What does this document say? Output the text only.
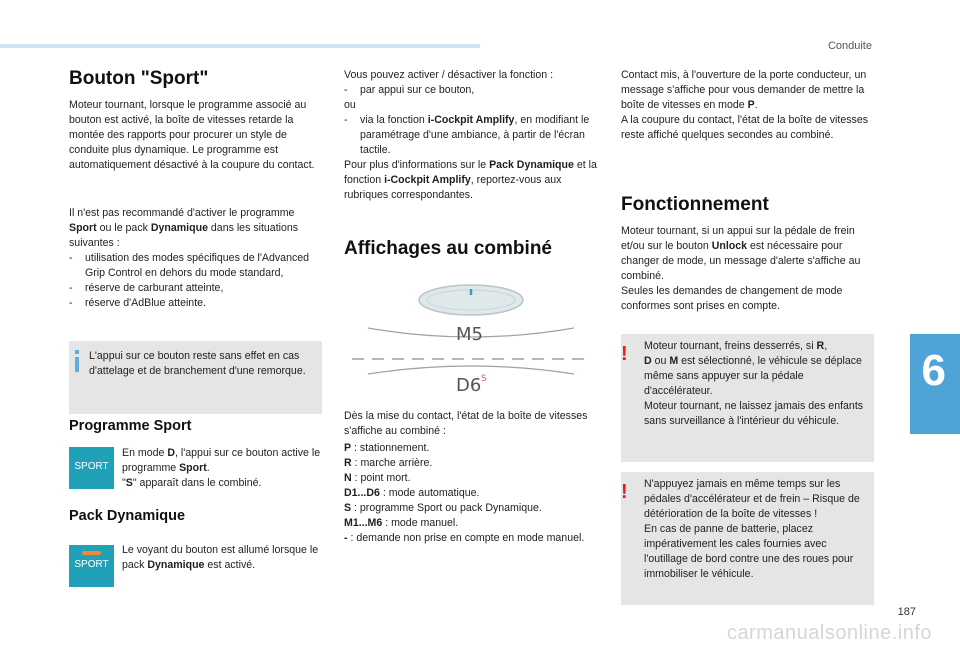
Conduite
6
Bouton "Sport"
Moteur tournant, lorsque le programme associé au bouton est activé, la boîte de vitesses retarde la montée des rapports pour procurer un style de conduite plus dynamique. Le programme est automatiquement désactivé à la coupure du contact.
Il n'est pas recommandé d'activer le programme Sport ou le pack Dynamique dans les situations suivantes :
- utilisation des modes spécifiques de l'Advanced Grip Control en dehors du mode standard,
- réserve de carburant atteinte,
- réserve d'AdBlue atteinte.
L'appui sur ce bouton reste sans effet en cas d'attelage et de branchement d'une remorque.
Programme Sport
SPORT
En mode D, l'appui sur ce bouton active le programme Sport.
"S" apparaît dans le combiné.
Pack Dynamique
SPORT
Le voyant du bouton est allumé lorsque le pack Dynamique est activé.
Vous pouvez activer / désactiver la fonction :
- par appui sur ce bouton,
ou
- via la fonction i-Cockpit Amplify, en modifiant le paramétrage d'une ambiance, à partir de l'écran tactile.
Pour plus d'informations sur le Pack Dynamique et la fonction i-Cockpit Amplify, reportez-vous aux rubriques correspondantes.
Affichages au combiné
M5
D6 S
Dès la mise du contact, l'état de la boîte de vitesses s'affiche au combiné :
P : stationnement.
R : marche arrière.
N : point mort.
D1...D6 : mode automatique.
S : programme Sport ou pack Dynamique.
M1...M6 : mode manuel.
- : demande non prise en compte en mode manuel.
Contact mis, à l'ouverture de la porte conducteur, un message s'affiche pour vous demander de mettre la boîte de vitesses en mode P.
A la coupure du contact, l'état de la boîte de vitesses reste affiché quelques secondes au combiné.
Fonctionnement
Moteur tournant, si un appui sur la pédale de frein et/ou sur le bouton Unlock est nécessaire pour changer de mode, un message d'alerte s'affiche au combiné.
Seules les demandes de changement de mode conformes sont prises en compte.
!	Moteur tournant, freins desserrés, si R,
D ou M est sélectionné, le véhicule se déplace même sans appuyer sur la pédale d'accélérateur.
Moteur tournant, ne laissez jamais des enfants sans surveillance à l'intérieur du véhicule.
!	N'appuyez jamais en même temps sur les pédales d'accélérateur et de frein – Risque de détérioration de la boîte de vitesses !
En cas de panne de batterie, placez impérativement les cales fournies avec l'outillage de bord contre une des roues pour immobiliser le véhicule.
187
carmanualsonline.info
